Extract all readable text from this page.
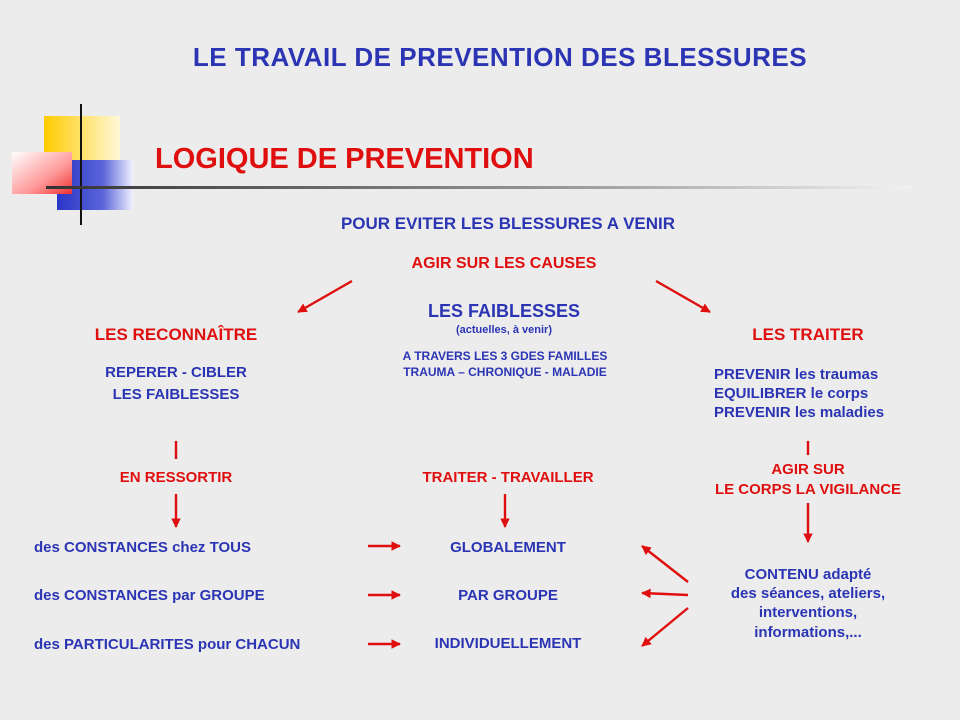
LE TRAVAIL DE PREVENTION DES BLESSURES
LOGIQUE DE PREVENTION
POUR EVITER LES BLESSURES A VENIR
AGIR SUR LES CAUSES
LES FAIBLESSES
(actuelles, à venir)
A TRAVERS LES 3 GDES FAMILLES
TRAUMA – CHRONIQUE - MALADIE
LES RECONNAÎTRE
REPERER - CIBLER
LES FAIBLESSES
EN RESSORTIR	TRAITER - TRAVAILLER
LES TRAITER
PREVENIR les traumas
EQUILIBRER le corps
PREVENIR les maladies
AGIR SUR
LE CORPS LA VIGILANCE
CONTENU adapté
des séances, ateliers,
interventions,
informations,...
des CONSTANCES chez TOUS
des CONSTANCES par GROUPE
des PARTICULARITES pour CHACUN
GLOBALEMENT
PAR GROUPE
INDIVIDUELLEMENT
